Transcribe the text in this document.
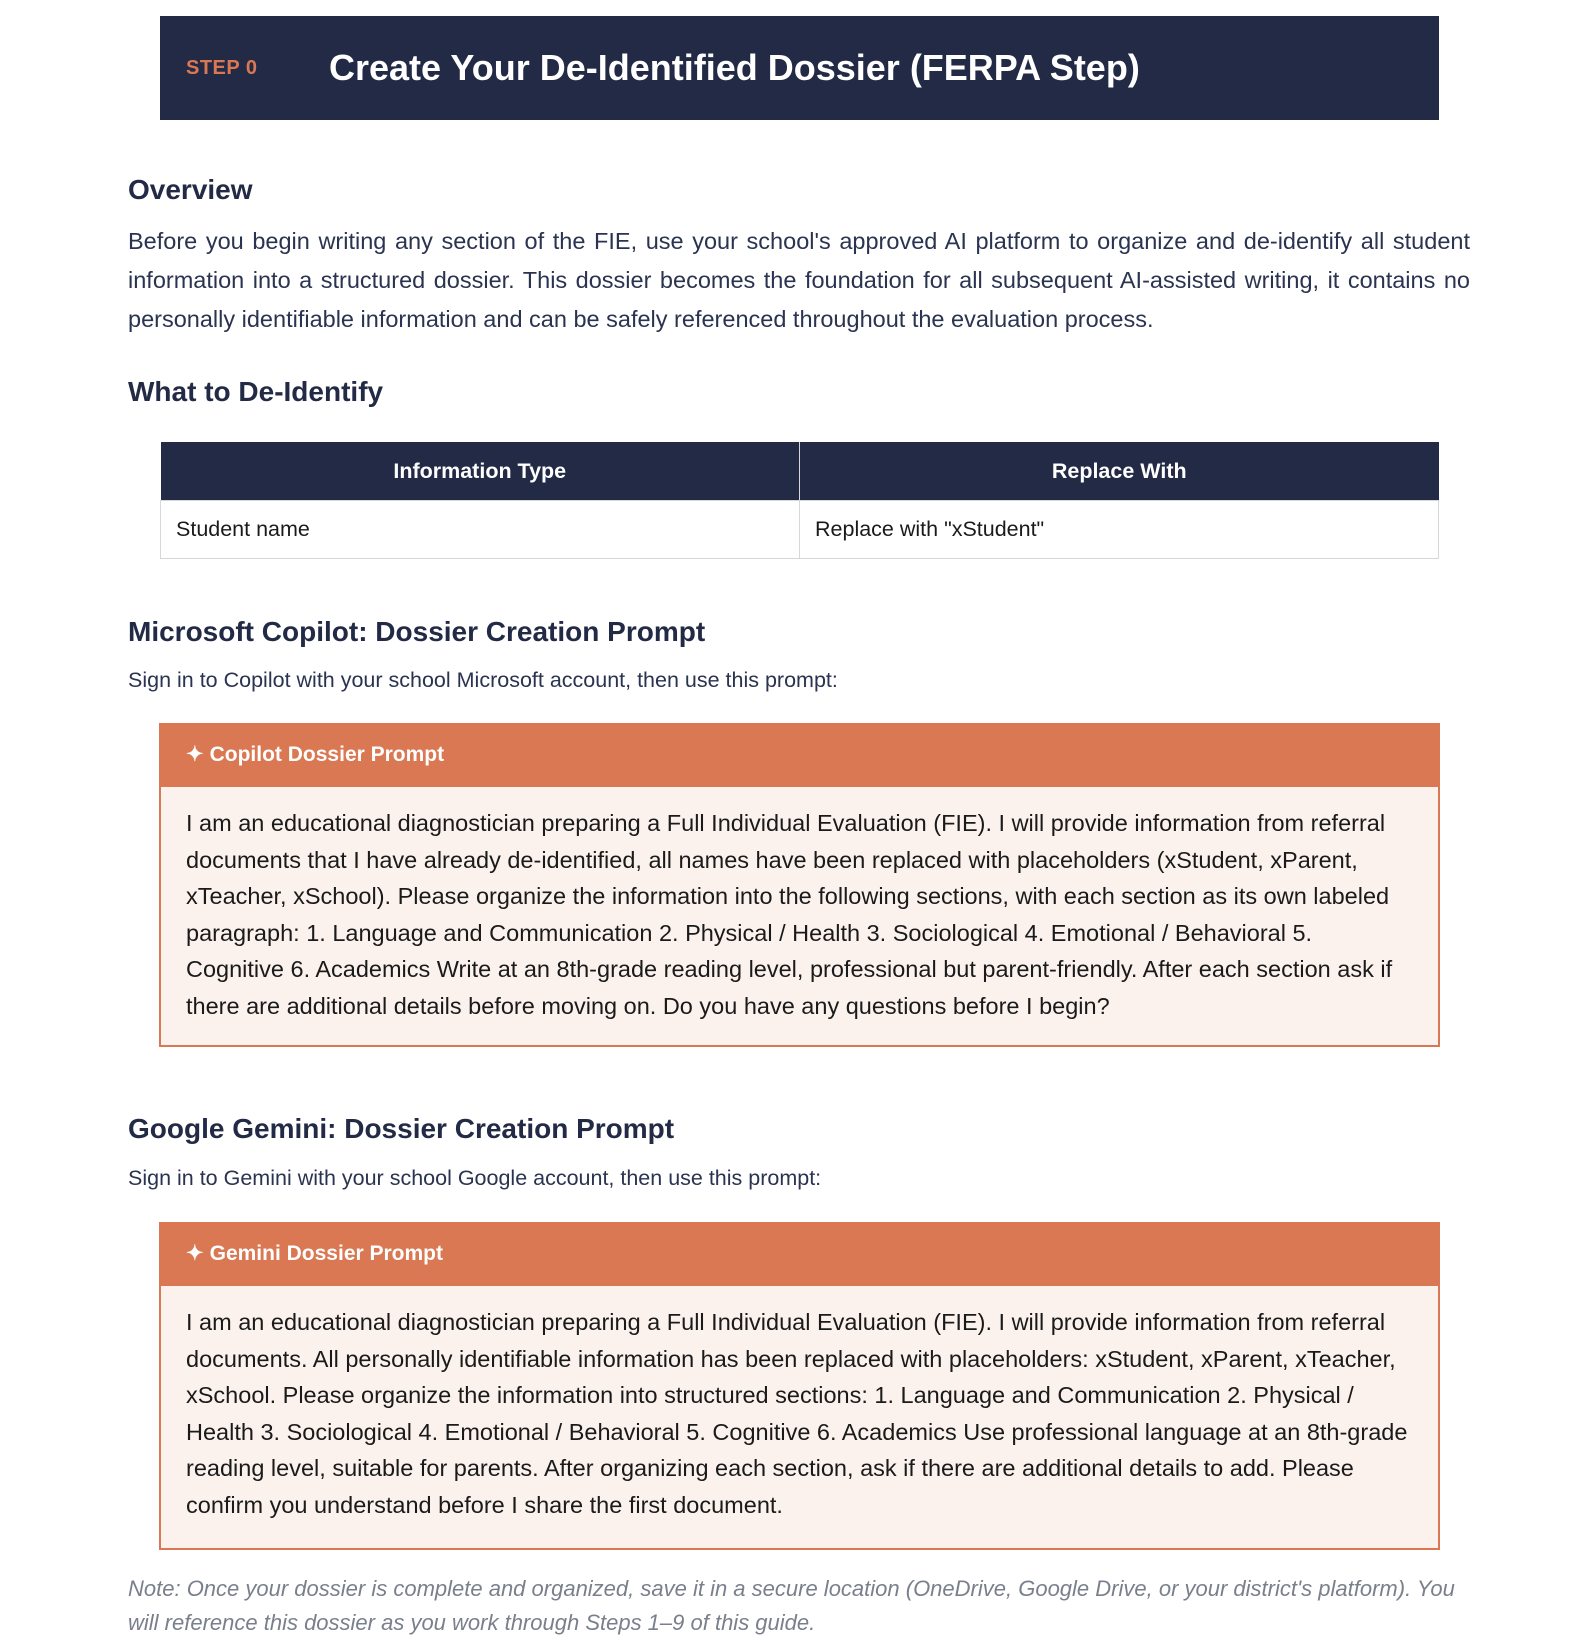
STEP 0 Create Your De-Identified Dossier (FERPA Step)
Overview

Before you begin writing any section of the FIE, use your school's approved AI platform to organize and de-identify all student information into a structured dossier. This dossier becomes the foundation for all subsequent AI-assisted writing, it contains no personally identifiable information and can be safely referenced throughout the evaluation process.

What to De-Identify
Information Type	Replace With
Student name	Replace with "xStudent"
Microsoft Copilot: Dossier Creation Prompt

Sign in to Copilot with your school Microsoft account, then use this prompt:

✦ Copilot Dossier Prompt
I am an educational diagnostician preparing a Full Individual Evaluation (FIE). I will provide information from referral documents that I have already de-identified, all names have been replaced with placeholders (xStudent, xParent, xTeacher, xSchool). Please organize the information into the following sections, with each section as its own labeled paragraph: 1. Language and Communication 2. Physical / Health 3. Sociological 4. Emotional / Behavioral 5. Cognitive 6. Academics Write at an 8th-grade reading level, professional but parent-friendly. After each section ask if there are additional details before moving on. Do you have any questions before I begin?
Google Gemini: Dossier Creation Prompt

Sign in to Gemini with your school Google account, then use this prompt:

✦ Gemini Dossier Prompt
I am an educational diagnostician preparing a Full Individual Evaluation (FIE). I will provide information from referral documents. All personally identifiable information has been replaced with placeholders: xStudent, xParent, xTeacher, xSchool. Please organize the information into structured sections: 1. Language and Communication 2. Physical / Health 3. Sociological 4. Emotional / Behavioral 5. Cognitive 6. Academics Use professional language at an 8th-grade reading level, suitable for parents. After organizing each section, ask if there are additional details to add. Please confirm you understand before I share the first document.

Note: Once your dossier is complete and organized, save it in a secure location (OneDrive, Google Drive, or your district's platform). You will reference this dossier as you work through Steps 1–9 of this guide.
